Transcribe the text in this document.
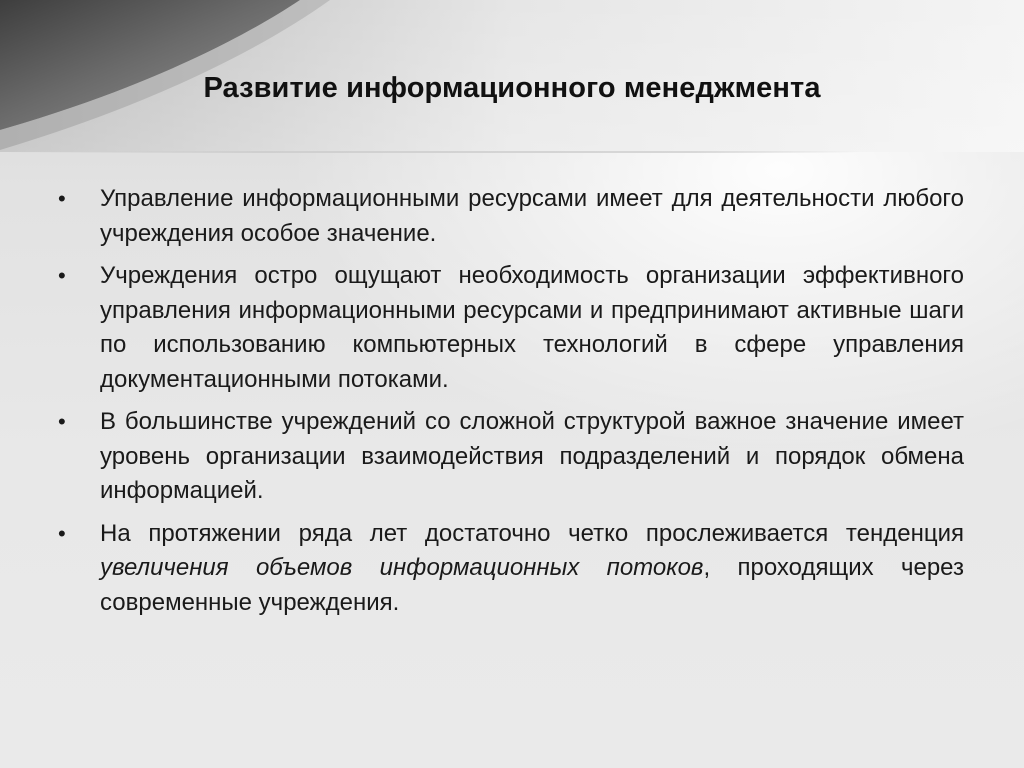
Развитие информационного менеджмента
•	Управление информационными ресурсами имеет для деятельности любого учреждения особое значение.
•	Учреждения остро ощущают необходимость организации эффективного управления информационными ресурсами и предпринимают активные шаги по использованию компьютерных технологий в сфере управления документационными потоками.
•	В большинстве учреждений со сложной структурой важное значение имеет уровень организации взаимодействия подразделений и порядок обмена информацией.
•	На протяжении ряда лет достаточно четко прослеживается тенденция увеличения объемов информационных потоков, проходящих через современные учреждения.
